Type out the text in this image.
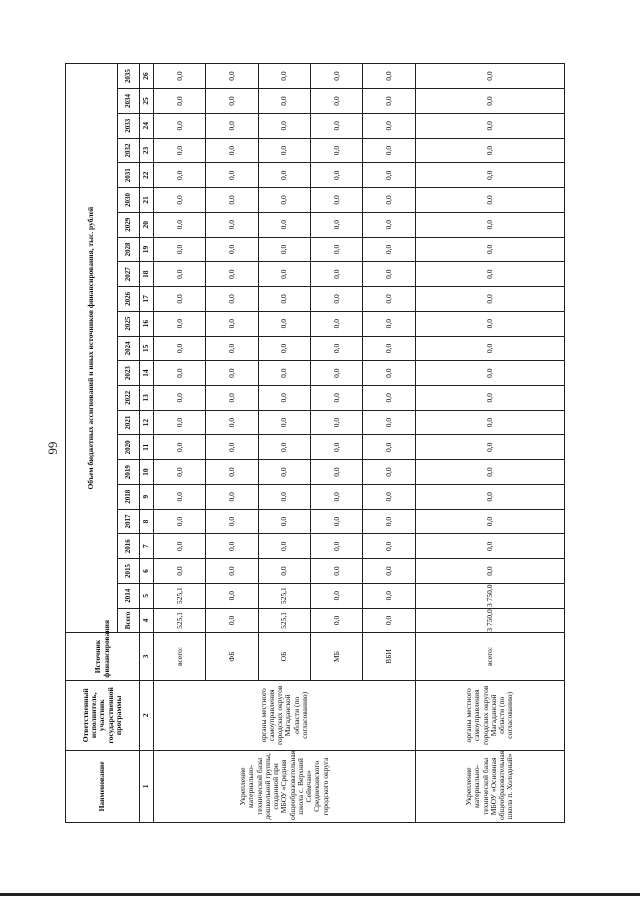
66
Наименование	Ответственный исполнитель, участник государственной программы	Источник финансирования	Объем бюджетных ассигнований и иных источников финансирования, тыс. рублей																						
			Всего	2014	2015	2016	2017	2018	2019	2020	2021	2022	2023	2024	2025	2026	2027	2028	2029	2030	2031	2032	2033	2034	2035
1	2	3	4	5	6	7	8	9	10	11	12	13	14	15	16	17	18	19	20	21	22	23	24	25	26
Укрепление материально-технической базы дошкольной группы, созданной при МБОУ «Средняя общеобразовательная школа с. Верхний Сеймчан» Среднеканского городского округа	органы местного самоуправления городских округов Магаданской области (по согласованию)	всего:	525,1	525,1	0,0	0,0	0,0	0,0	0,0	0,0	0,0	0,0	0,0	0,0	0,0	0,0	0,0	0,0	0,0	0,0	0,0	0,0	0,0	0,0	0,0
		ФБ	0,0	0,0	0,0	0,0	0,0	0,0	0,0	0,0	0,0	0,0	0,0	0,0	0,0	0,0	0,0	0,0	0,0	0,0	0,0	0,0	0,0	0,0	0,0
		ОБ	525,1	525,1	0,0	0,0	0,0	0,0	0,0	0,0	0,0	0,0	0,0	0,0	0,0	0,0	0,0	0,0	0,0	0,0	0,0	0,0	0,0	0,0	0,0
		МБ	0,0	0,0	0,0	0,0	0,0	0,0	0,0	0,0	0,0	0,0	0,0	0,0	0,0	0,0	0,0	0,0	0,0	0,0	0,0	0,0	0,0	0,0	0,0
		ВБИ	0,0	0,0	0,0	0,0	0,0	0,0	0,0	0,0	0,0	0,0	0,0	0,0	0,0	0,0	0,0	0,0	0,0	0,0	0,0	0,0	0,0	0,0	0,0
Укрепление материально-технической базы МБОУ «Основная общеобразовательная школа п. Холодный»	органы местного самоуправления городских округов Магаданской области (по согласованию)	всего:	3 750,0	3 750,0	0,0	0,0	0,0	0,0	0,0	0,0	0,0	0,0	0,0	0,0	0,0	0,0	0,0	0,0	0,0	0,0	0,0	0,0	0,0	0,0	0,0
